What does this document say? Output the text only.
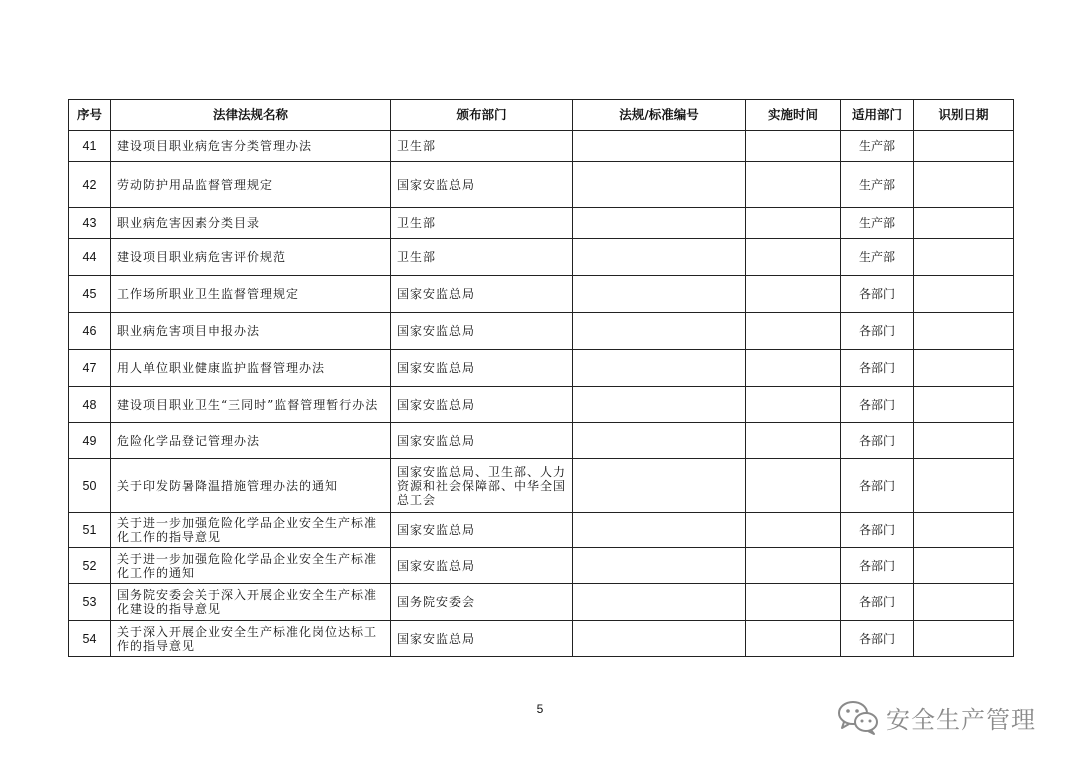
序号	法律法规名称	颁布部门	法规/标准编号	实施时间	适用部门	识别日期
41	建设项目职业病危害分类管理办法	卫生部			生产部	
42	劳动防护用品监督管理规定	国家安监总局			生产部	
43	职业病危害因素分类目录	卫生部			生产部	
44	建设项目职业病危害评价规范	卫生部			生产部	
45	工作场所职业卫生监督管理规定	国家安监总局			各部门	
46	职业病危害项目申报办法	国家安监总局			各部门	
47	用人单位职业健康监护监督管理办法	国家安监总局			各部门	
48	建设项目职业卫生“三同时”监督管理暂行办法	国家安监总局			各部门	
49	危险化学品登记管理办法	国家安监总局			各部门	
50	关于印发防暑降温措施管理办法的通知	国家安监总局、卫生部、人力资源和社会保障部、中华全国总工会			各部门	
51	关于进一步加强危险化学品企业安全生产标准化工作的指导意见	国家安监总局			各部门	
52	关于进一步加强危险化学品企业安全生产标准化工作的通知	国家安监总局			各部门	
53	国务院安委会关于深入开展企业安全生产标准化建设的指导意见	国务院安委会			各部门	
54	关于深入开展企业安全生产标准化岗位达标工作的指导意见	国家安监总局			各部门	
5	安全生产管理
